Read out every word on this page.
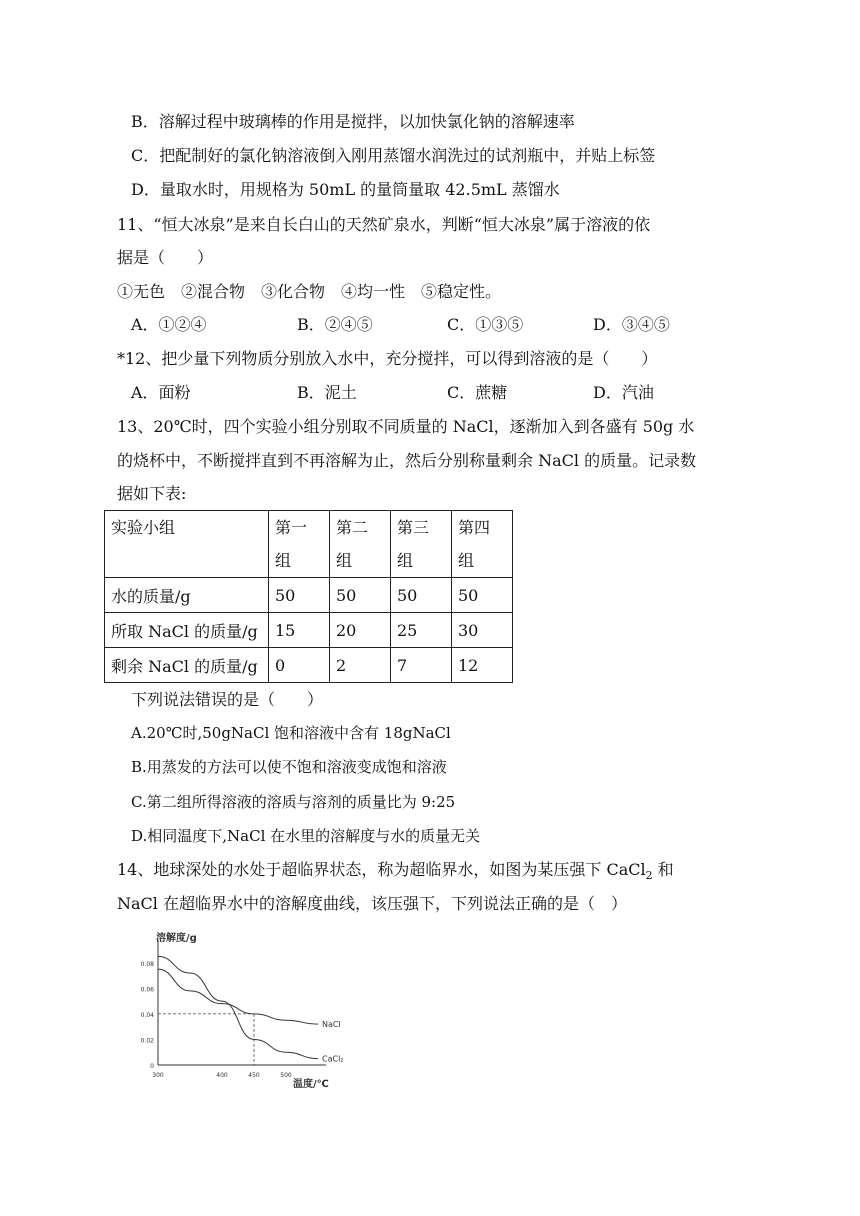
B．溶解过程中玻璃棒的作用是搅拌，以加快氯化钠的溶解速率
C．把配制好的氯化钠溶液倒入刚用蒸馏水润洗过的试剂瓶中，并贴上标签
D．量取水时，用规格为 50mL 的量筒量取 42.5mL 蒸馏水
11、“恒大冰泉”是来自长白山的天然矿泉水，判断“恒大冰泉”属于溶液的依
据是（　　）
①无色　②混合物　③化合物　④均一性　⑤稳定性。
A．①②④	B．②④⑤	C．①③⑤	D．③④⑤
*12、把少量下列物质分别放入水中，充分搅拌，可以得到溶液的是（　　）
A．面粉	B．泥土	C．蔗糖	D．汽油
13、20℃时，四个实验小组分别取不同质量的 NaCl，逐渐加入到各盛有 50g 水
的烧杯中，不断搅拌直到不再溶解为止，然后分别称量剩余 NaCl 的质量。记录数
据如下表:
实验小组	第一组	第二组	第三组	第四组

水的质量/g	50	50	50	50
所取 NaCl 的质量/g	15	20	25	30
剩余 NaCl 的质量/g	0	2	7	12
下列说法错误的是（　　）
A.20℃时,50gNaCl 饱和溶液中含有 18gNaCl
B.用蒸发的方法可以使不饱和溶液变成饱和溶液
C.第二组所得溶液的溶质与溶剂的质量比为 9:25
D.相同温度下,NaCl 在水里的溶解度与水的质量无关
14、地球深处的水处于超临界状态，称为超临界水，如图为某压强下 CaCl$_2$ 和
NaCl 在超临界水中的溶解度曲线，该压强下，下列说法正确的是（　）
溶解度/g
温度/℃
0
0.02
0.04
0.06
0.08
300	400	450	500
NaCl
CaCl₂
